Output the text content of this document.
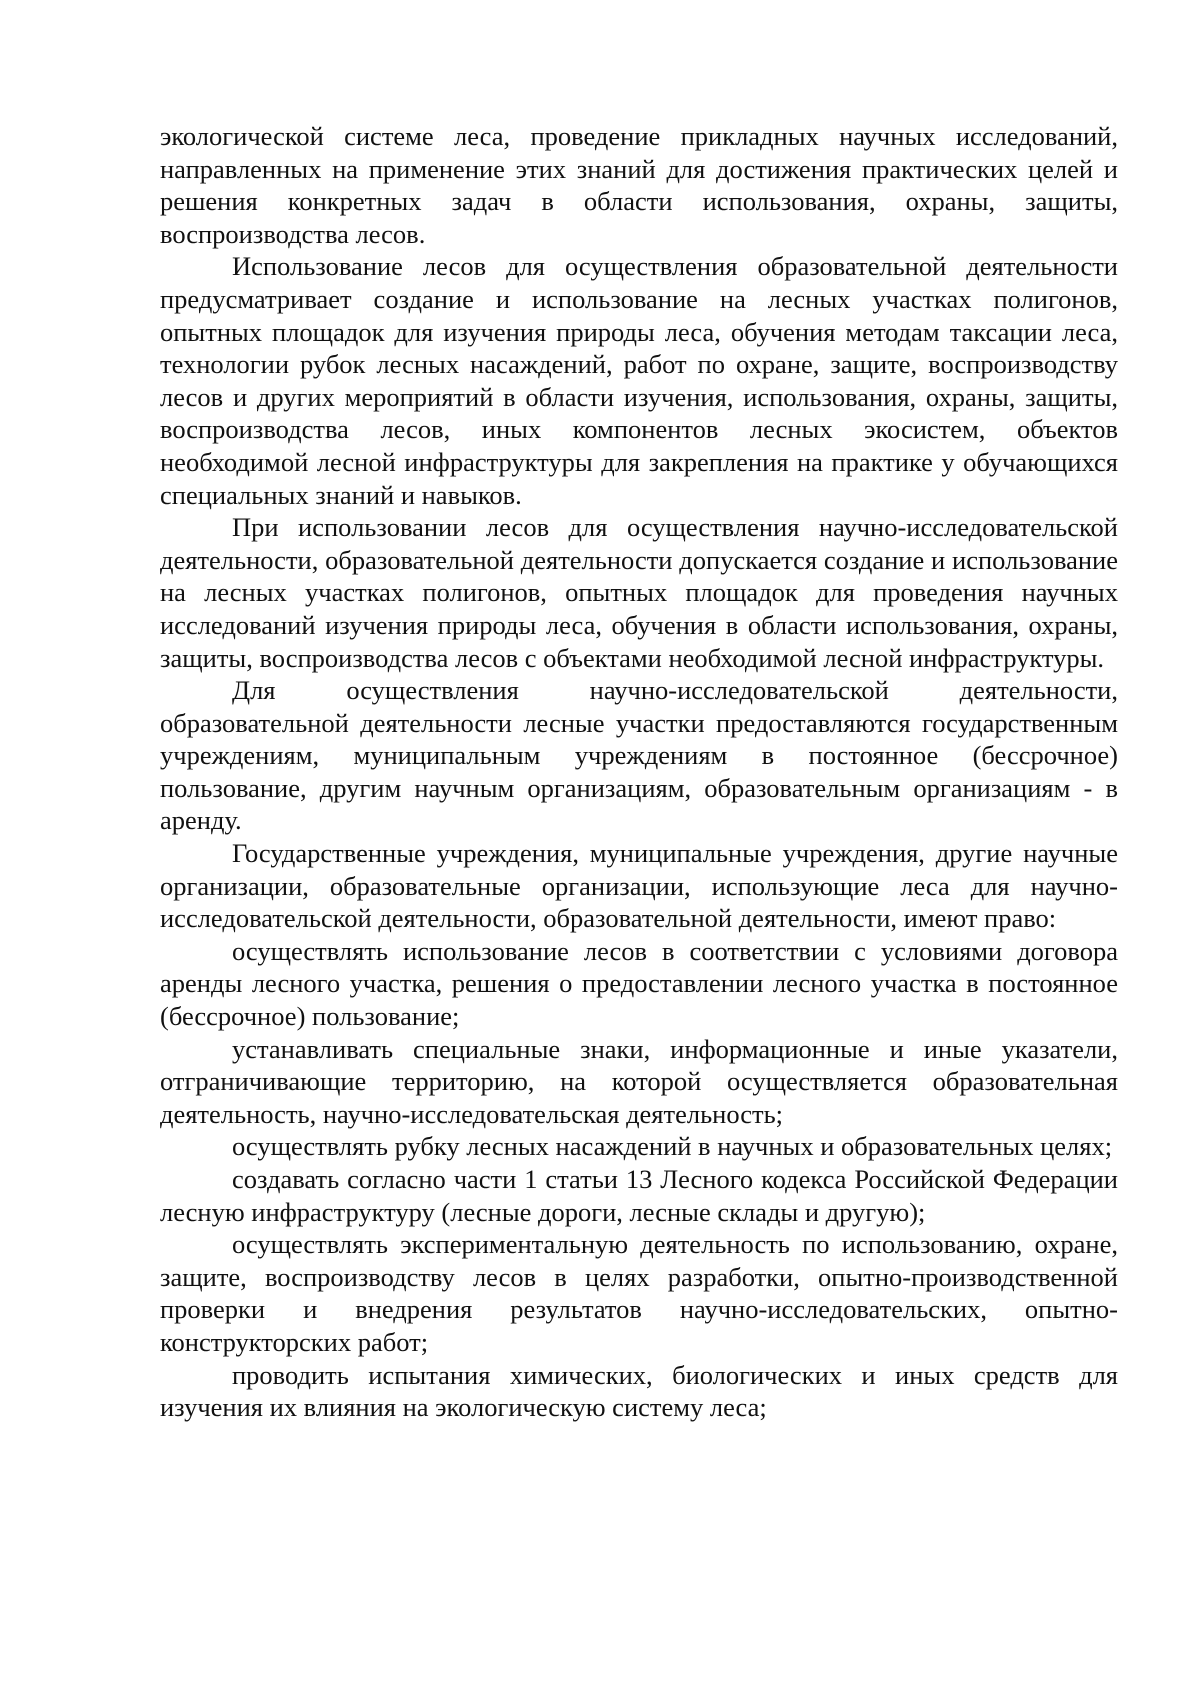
экологической системе леса, проведение прикладных научных исследований, направленных на применение этих знаний для достижения практических целей и решения конкретных задач в области использования, охраны, защиты, воспроизводства лесов.

Использование лесов для осуществления образовательной деятельности предусматривает создание и использование на лесных участках полигонов, опытных площадок для изучения природы леса, обучения методам таксации леса, технологии рубок лесных насаждений, работ по охране, защите, воспроизводству лесов и других мероприятий в области изучения, использования, охраны, защиты, воспроизводства лесов, иных компонентов лесных экосистем, объектов необходимой лесной инфраструктуры для закрепления на практике у обучающихся специальных знаний и навыков.

При использовании лесов для осуществления научно-исследовательской деятельности, образовательной деятельности допускается создание и использование на лесных участках полигонов, опытных площадок для проведения научных исследований изучения природы леса, обучения в области использования, охраны, защиты, воспроизводства лесов с объектами необходимой лесной инфраструктуры.

Для осуществления научно-исследовательской деятельности, образовательной деятельности лесные участки предоставляются государственным учреждениям, муниципальным учреждениям в постоянное (бессрочное) пользование, другим научным организациям, образовательным организациям - в аренду.

Государственные учреждения, муниципальные учреждения, другие научные организации, образовательные организации, использующие леса для научно-исследовательской деятельности, образовательной деятельности, имеют право:

осуществлять использование лесов в соответствии с условиями договора аренды лесного участка, решения о предоставлении лесного участка в постоянное (бессрочное) пользование;

устанавливать специальные знаки, информационные и иные указатели, отграничивающие территорию, на которой осуществляется образовательная деятельность, научно-исследовательская деятельность;

осуществлять рубку лесных насаждений в научных и образовательных целях;

создавать согласно части 1 статьи 13 Лесного кодекса Российской Федерации лесную инфраструктуру (лесные дороги, лесные склады и другую);

осуществлять экспериментальную деятельность по использованию, охране, защите, воспроизводству лесов в целях разработки, опытно-производственной проверки и внедрения результатов научно-исследовательских, опытно-конструкторских работ;

проводить испытания химических, биологических и иных средств для изучения их влияния на экологическую систему леса;
